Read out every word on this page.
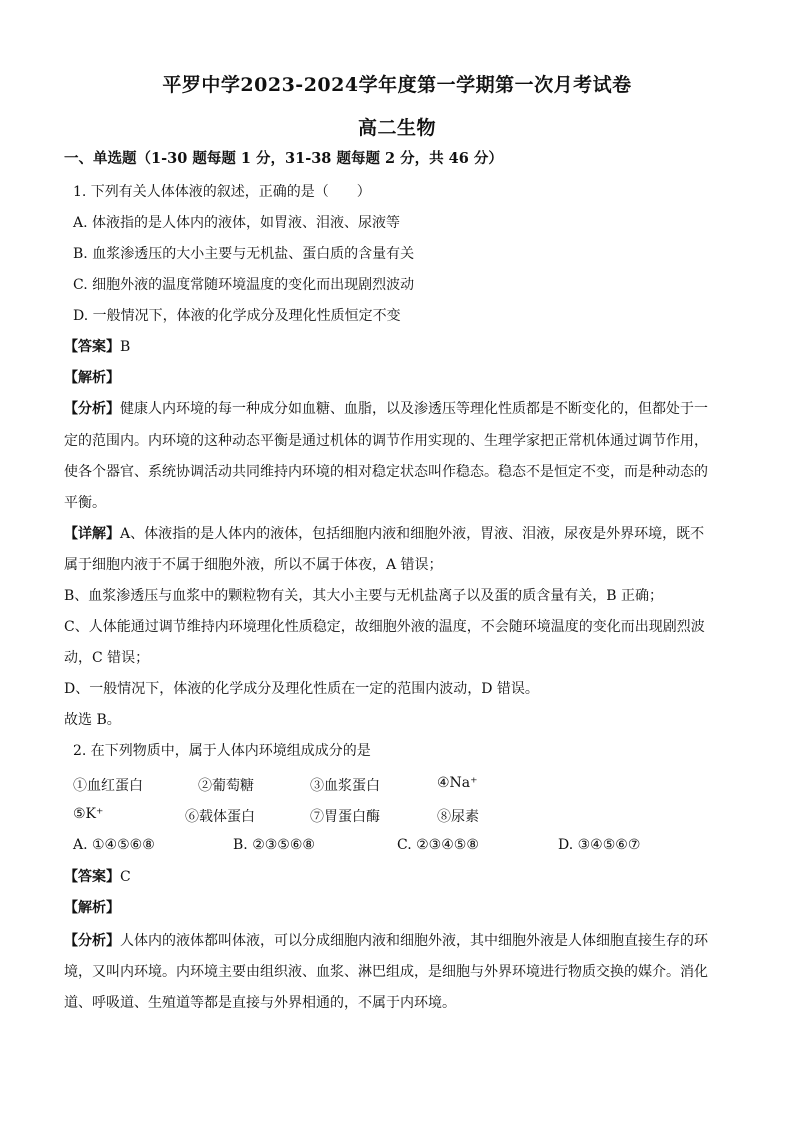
平罗中学2023-2024学年度第一学期第一次月考试卷
高二生物
一、单选题（1-30 题每题 1 分，31-38 题每题 2 分，共 46 分）
1. 下列有关人体体液的叙述，正确的是（　　）
A. 体液指的是人体内的液体，如胃液、泪液、尿液等
B. 血浆渗透压的大小主要与无机盐、蛋白质的含量有关
C. 细胞外液的温度常随环境温度的变化而出现剧烈波动
D. 一般情况下，体液的化学成分及理化性质恒定不变
【答案】B
【解析】
【分析】健康人内环境的每一种成分如血糖、血脂，以及渗透压等理化性质都是不断变化的，但都处于一
定的范围内。内环境的这种动态平衡是通过机体的调节作用实现的、生理学家把正常机体通过调节作用，
使各个器官、系统协调活动共同维持内环境的相对稳定状态叫作稳态。稳态不是恒定不变，而是种动态的
平衡。
【详解】A、体液指的是人体内的液体，包括细胞内液和细胞外液，胃液、泪液，尿夜是外界环境，既不
属于细胞内液于不属于细胞外液，所以不属于体夜，A 错误；
B、血浆渗透压与血浆中的颗粒物有关，其大小主要与无机盐离子以及蛋的质含量有关，B 正确；
C、人体能通过调节维持内环境理化性质稳定，故细胞外液的温度，不会随环境温度的变化而出现剧烈波
动，C 错误；
D、一般情况下，体液的化学成分及理化性质在一定的范围内波动，D 错误。
故选 B。
2. 在下列物质中，属于人体内环境组成成分的是
①血红蛋白	②葡萄糖	③血浆蛋白	④Na⁺
⑤K⁺	⑥载体蛋白	⑦胃蛋白酶	⑧尿素
A. ①④⑤⑥⑧	B. ②③⑤⑥⑧	C. ②③④⑤⑧	D. ③④⑤⑥⑦
【答案】C
【解析】
【分析】人体内的液体都叫体液，可以分成细胞内液和细胞外液，其中细胞外液是人体细胞直接生存的环
境，又叫内环境。内环境主要由组织液、血浆、淋巴组成，是细胞与外界环境进行物质交换的媒介。消化
道、呼吸道、生殖道等都是直接与外界相通的，不属于内环境。
